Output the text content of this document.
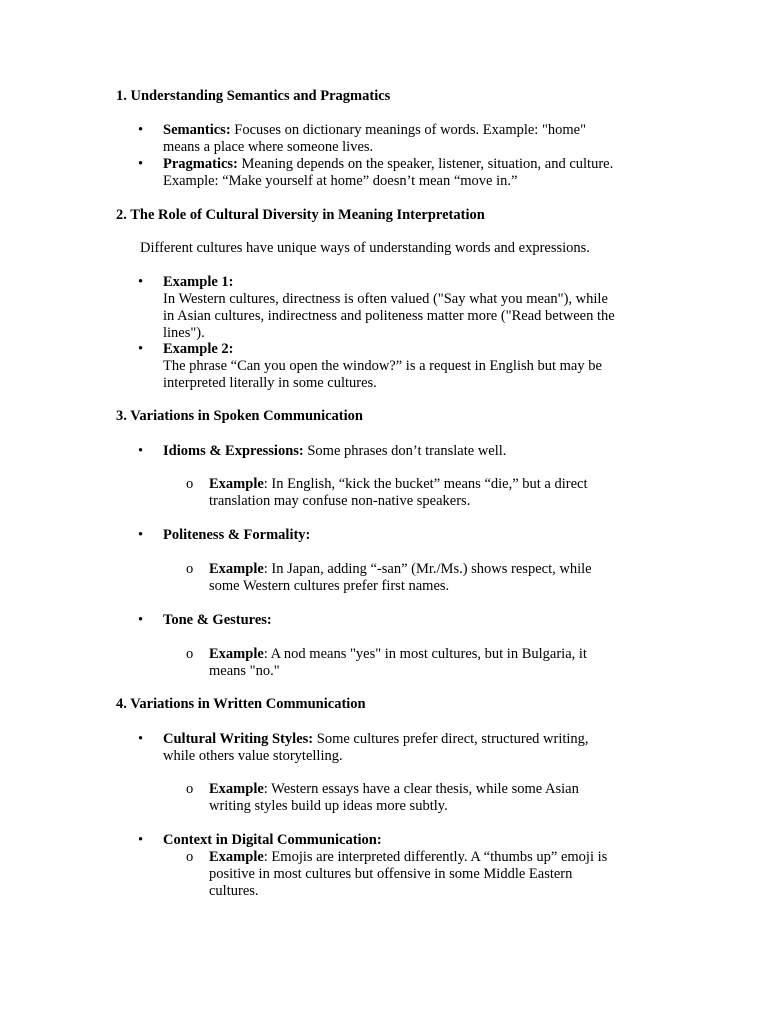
1. Understanding Semantics and Pragmatics

• Semantics: Focuses on dictionary meanings of words. Example: "home"

means a place where someone lives.

• Pragmatics: Meaning depends on the speaker, listener, situation, and culture.

Example: “Make yourself at home” doesn’t mean “move in.”

2. The Role of Cultural Diversity in Meaning Interpretation

Different cultures have unique ways of understanding words and expressions.

• Example 1:

In Western cultures, directness is often valued ("Say what you mean"), while

in Asian cultures, indirectness and politeness matter more ("Read between the

lines").

• Example 2:

The phrase “Can you open the window?” is a request in English but may be

interpreted literally in some cultures.

3. Variations in Spoken Communication

• Idioms & Expressions: Some phrases don’t translate well.

o Example: In English, “kick the bucket” means “die,” but a direct

translation may confuse non-native speakers.

• Politeness & Formality:

o Example: In Japan, adding “-san” (Mr./Ms.) shows respect, while

some Western cultures prefer first names.

• Tone & Gestures:

o Example: A nod means "yes" in most cultures, but in Bulgaria, it

means "no."

4. Variations in Written Communication

• Cultural Writing Styles: Some cultures prefer direct, structured writing,

while others value storytelling.

o Example: Western essays have a clear thesis, while some Asian

writing styles build up ideas more subtly.

• Context in Digital Communication:

o Example: Emojis are interpreted differently. A “thumbs up” emoji is

positive in most cultures but offensive in some Middle Eastern

cultures.
